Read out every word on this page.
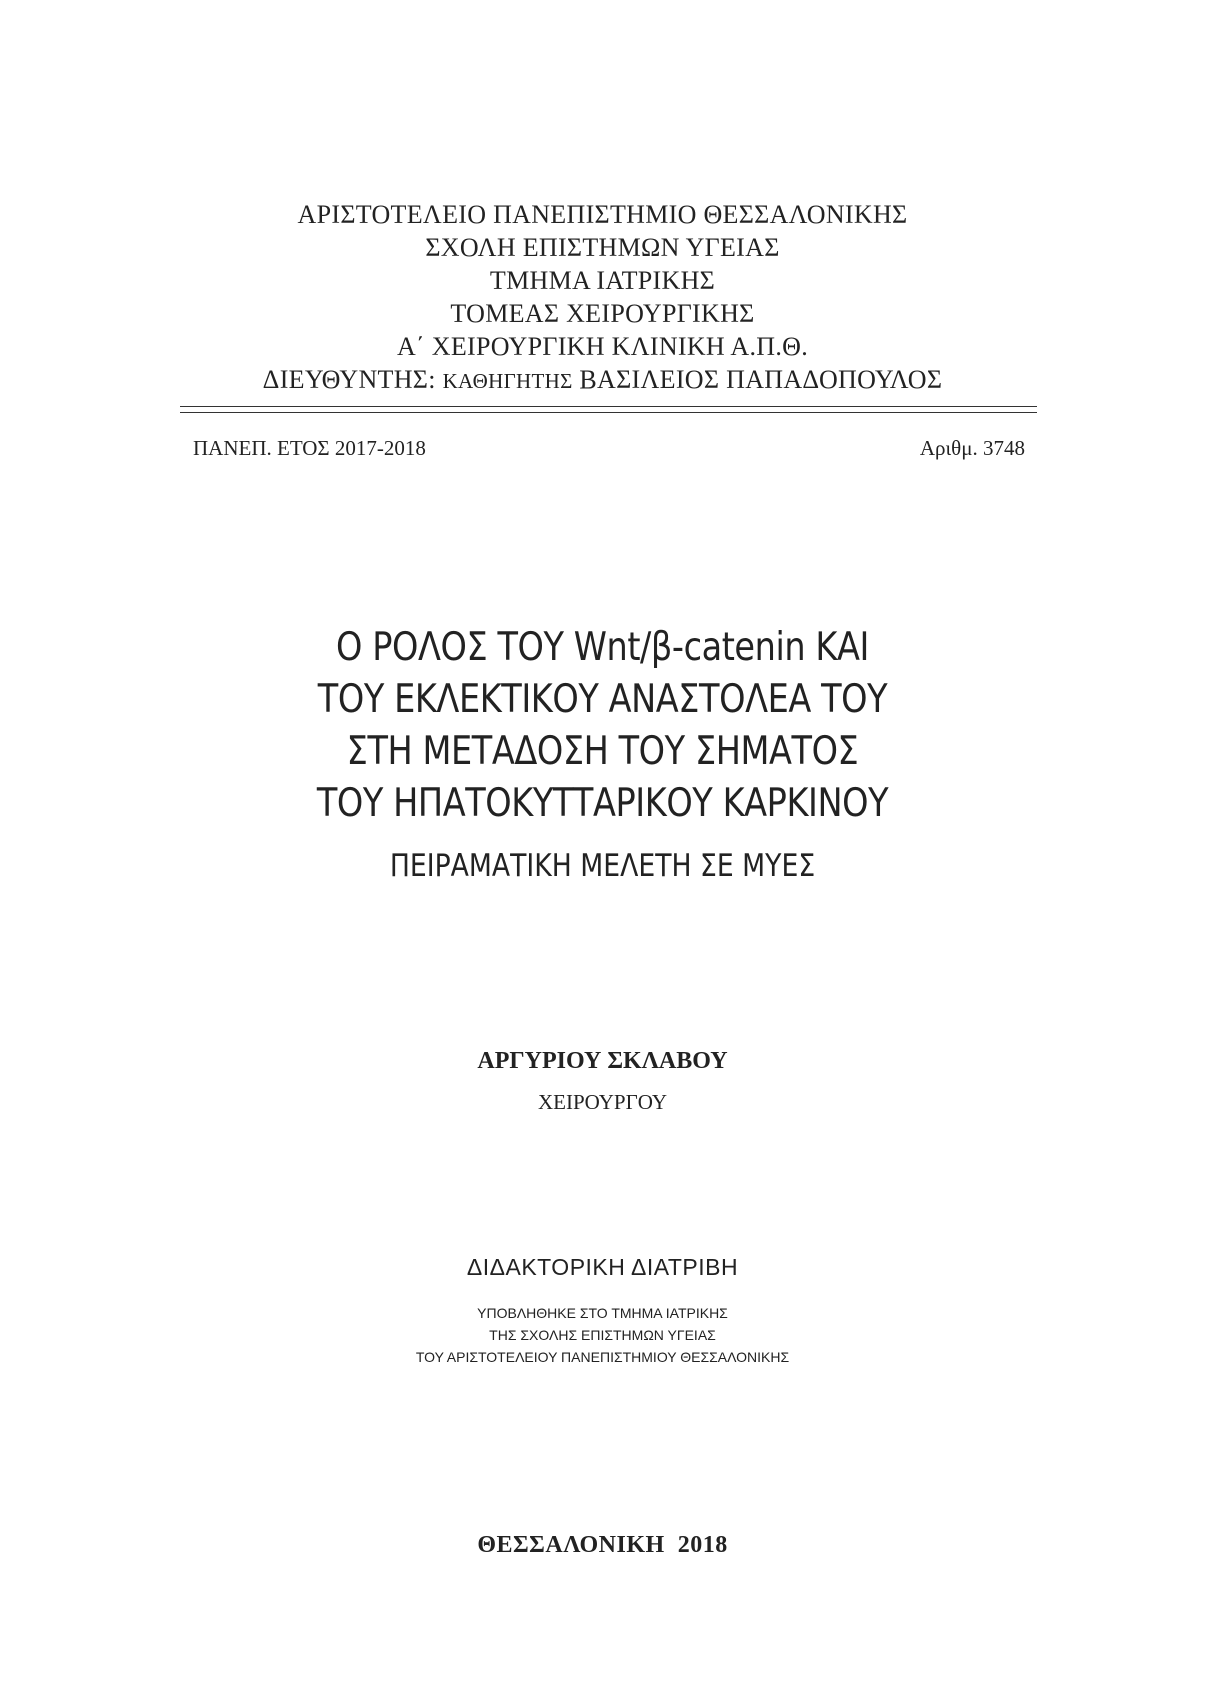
ΑΡΙΣΤΟΤΕΛΕΙΟ ΠΑΝΕΠΙΣΤΗΜΙΟ ΘΕΣΣΑΛΟΝΙΚΗΣ
ΣΧΟΛΗ ΕΠΙΣΤΗΜΩΝ ΥΓΕΙΑΣ
ΤΜΗΜΑ ΙΑΤΡΙΚΗΣ
ΤΟΜΕΑΣ ΧΕΙΡΟΥΡΓΙΚΗΣ
Α΄ ΧΕΙΡΟΥΡΓΙΚΗ ΚΛΙΝΙΚΗ Α.Π.Θ.
ΔΙΕΥΘΥΝΤΗΣ: ΚΑΘΗΓΗΤΗΣ ΒΑΣΙΛΕΙΟΣ ΠΑΠΑΔΟΠΟΥΛΟΣ
ΠΑΝΕΠ. ΕΤΟΣ 2017-2018	Αριθμ. 3748
Ο ΡΟΛΟΣ ΤΟΥ Wnt/β-catenin ΚΑΙ
ΤΟΥ ΕΚΛΕΚΤΙΚΟΥ ΑΝΑΣΤΟΛΕΑ ΤΟΥ
ΣΤΗ ΜΕΤΑΔΟΣΗ ΤΟΥ ΣΗΜΑΤΟΣ
ΤΟΥ ΗΠΑΤΟΚΥΤΤΑΡΙΚΟΥ ΚΑΡΚΙΝΟΥ
ΠΕΙΡΑΜΑΤΙΚΗ ΜΕΛΕΤΗ ΣΕ ΜΥΕΣ
ΑΡΓΥΡΙΟΥ ΣΚΛΑΒΟΥ
ΧΕΙΡΟΥΡΓΟΥ
ΔΙΔΑΚΤΟΡΙΚΗ ΔΙΑΤΡΙΒΗ
ΥΠΟΒΛΗΘΗΚΕ ΣΤΟ ΤΜΗΜΑ ΙΑΤΡΙΚΗΣ
ΤΗΣ ΣΧΟΛΗΣ ΕΠΙΣΤΗΜΩΝ ΥΓΕΙΑΣ
ΤΟΥ ΑΡΙΣΤΟΤΕΛΕΙΟΥ ΠΑΝΕΠΙΣΤΗΜΙΟΥ ΘΕΣΣΑΛΟΝΙΚΗΣ
ΘΕΣΣΑΛΟΝΙΚΗ  2018
